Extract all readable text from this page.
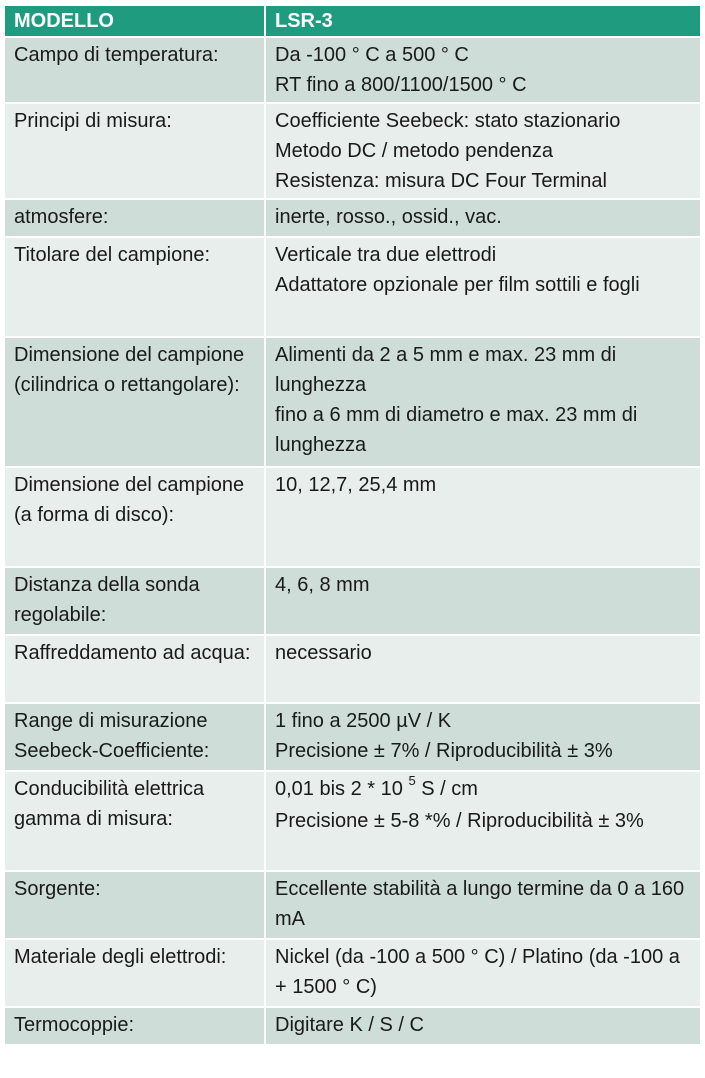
MODELLO	LSR-3
Campo di temperatura:	Da -100 ° C a 500 ° C
RT fino a 800/1100/1500 ° C

Principi di misura:	Coefficiente Seebeck: stato stazionario
Metodo DC / metodo pendenza
Resistenza: misura DC Four Terminal

atmosfere:	inerte, rosso., ossid., vac.

Titolare del campione:	Verticale tra due elettrodi
Adattatore opzionale per film sottili e fogli

Dimensione del campione (cilindrica o rettangolare):	Alimenti da 2 a 5 mm e max. 23 mm di lunghezza
fino a 6 mm di diametro e max. 23 mm di lunghezza

Dimensione del campione (a forma di disco):	10, 12,7, 25,4 mm

Distanza della sonda regolabile:	4, 6, 8 mm

Raffreddamento ad acqua:	necessario

Range di misurazione Seebeck-Coefficiente:	1 fino a 2500 µV / K
Precisione ± 7% / Riproducibilità ± 3%

Conducibilità elettrica gamma di misura:	0,01 bis 2 * 10 $^5$ S / cm
Precisione ± 5-8 *% / Riproducibilità ± 3%

Sorgente:	Eccellente stabilità a lungo termine da 0 a 160 mA

Materiale degli elettrodi:	Nickel (da -100 a 500 ° C) / Platino (da -100 a + 1500 ° C)

Termocoppie:	Digitare K / S / C
